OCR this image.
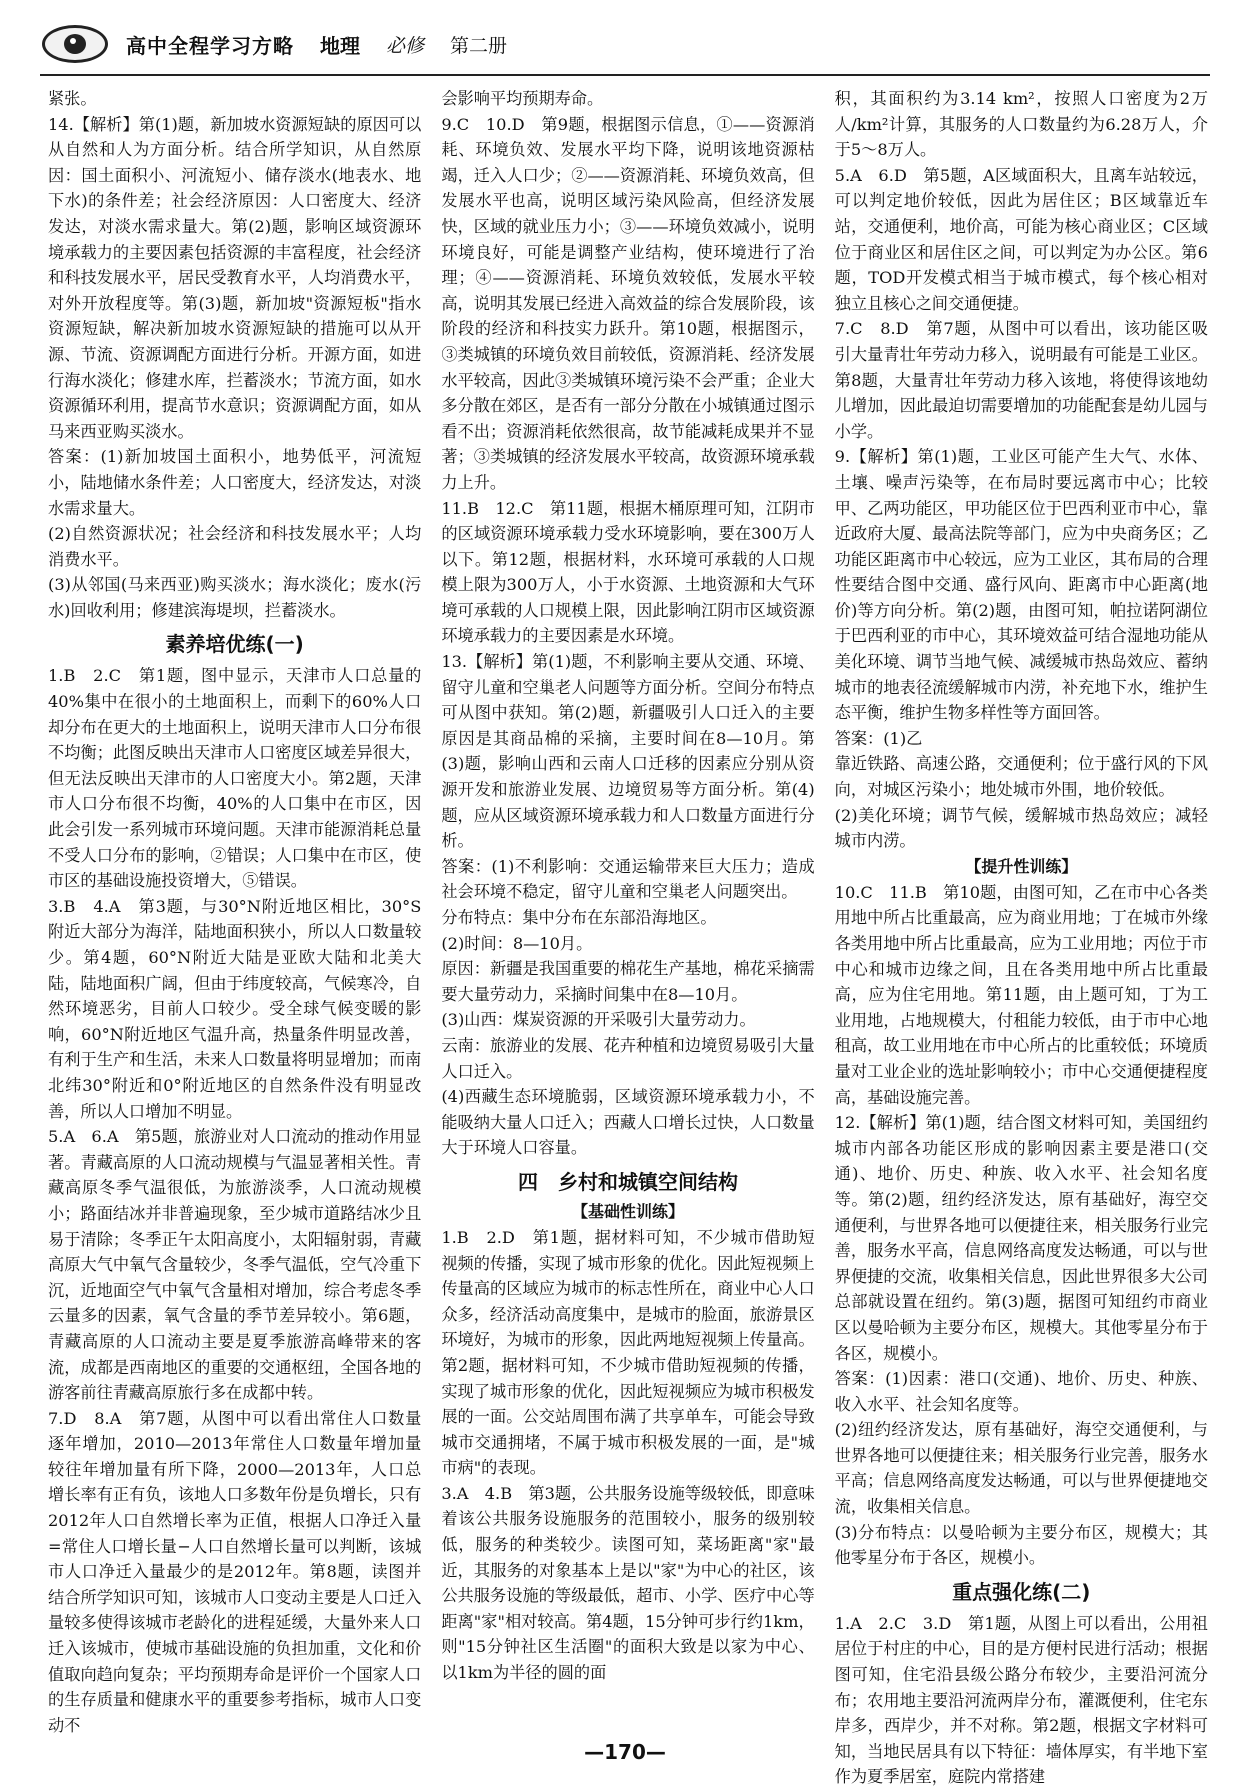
高中全程学习方略 地理 必修 第二册

紧张。

14.【解析】第(1)题，新加坡水资源短缺的原因可以从自然和人为方面分析。结合所学知识，从自然原因：国土面积小、河流短小、储存淡水(地表水、地下水)的条件差；社会经济原因：人口密度大、经济发达，对淡水需求量大。第(2)题，影响区域资源环境承载力的主要因素包括资源的丰富程度，社会经济和科技发展水平，居民受教育水平，人均消费水平，对外开放程度等。第(3)题，新加坡"资源短板"指水资源短缺，解决新加坡水资源短缺的措施可以从开源、节流、资源调配方面进行分析。开源方面，如进行海水淡化；修建水库，拦蓄淡水；节流方面，如水资源循环利用，提高节水意识；资源调配方面，如从马来西亚购买淡水。

答案：(1)新加坡国土面积小，地势低平，河流短小，陆地储水条件差；人口密度大，经济发达，对淡水需求量大。

(2)自然资源状况；社会经济和科技发展水平；人均消费水平。

(3)从邻国(马来西亚)购买淡水；海水淡化；废水(污水)回收利用；修建滨海堤坝，拦蓄淡水。

素养培优练(一)

1.B　2.C　第1题，图中显示，天津市人口总量的40%集中在很小的土地面积上，而剩下的60%人口却分布在更大的土地面积上，说明天津市人口分布很不均衡；此图反映出天津市人口密度区域差异很大，但无法反映出天津市的人口密度大小。第2题，天津市人口分布很不均衡，40%的人口集中在市区，因此会引发一系列城市环境问题。天津市能源消耗总量不受人口分布的影响，②错误；人口集中在市区，使市区的基础设施投资增大，⑤错误。

3.B　4.A　第3题，与30°N附近地区相比，30°S附近大部分为海洋，陆地面积狭小，所以人口数量较少。第4题，60°N附近大陆是亚欧大陆和北美大陆，陆地面积广阔，但由于纬度较高，气候寒冷，自然环境恶劣，目前人口较少。受全球气候变暖的影响，60°N附近地区气温升高，热量条件明显改善，有利于生产和生活，未来人口数量将明显增加；而南北纬30°附近和0°附近地区的自然条件没有明显改善，所以人口增加不明显。

5.A　6.A　第5题，旅游业对人口流动的推动作用显著。青藏高原的人口流动规模与气温显著相关性。青藏高原冬季气温很低，为旅游淡季，人口流动规模小；路面结冰并非普遍现象，至少城市道路结冰少且易于清除；冬季正午太阳高度小，太阳辐射弱，青藏高原大气中氧气含量较少，冬季气温低，空气冷重下沉，近地面空气中氧气含量相对增加，综合考虑冬季云量多的因素，氧气含量的季节差异较小。第6题，青藏高原的人口流动主要是夏季旅游高峰带来的客流，成都是西南地区的重要的交通枢纽，全国各地的游客前往青藏高原旅行多在成都中转。

7.D　8.A　第7题，从图中可以看出常住人口数量逐年增加，2010—2013年常住人口数量年增加量较往年增加量有所下降，2000—2013年，人口总增长率有正有负，该地人口多数年份是负增长，只有2012年人口自然增长率为正值，根据人口净迁入量=常住人口增长量−人口自然增长量可以判断，该城市人口净迁入量最少的是2012年。第8题，读图并结合所学知识可知，该城市人口变动主要是人口迁入量较多使得该城市老龄化的进程延缓，大量外来人口迁入该城市，使城市基础设施的负担加重，文化和价值取向趋向复杂；平均预期寿命是评价一个国家人口的生存质量和健康水平的重要参考指标，城市人口变动不

会影响平均预期寿命。

9.C　10.D　第9题，根据图示信息，①——资源消耗、环境负效、发展水平均下降，说明该地资源枯竭，迁入人口少；②——资源消耗、环境负效高，但发展水平也高，说明区域污染风险高，但经济发展快，区域的就业压力小；③——环境负效减小，说明环境良好，可能是调整产业结构，使环境进行了治理；④——资源消耗、环境负效较低，发展水平较高，说明其发展已经进入高效益的综合发展阶段，该阶段的经济和科技实力跃升。第10题，根据图示，③类城镇的环境负效目前较低，资源消耗、经济发展水平较高，因此③类城镇环境污染不会严重；企业大多分散在郊区，是否有一部分分散在小城镇通过图示看不出；资源消耗依然很高，故节能减耗成果并不显著；③类城镇的经济发展水平较高，故资源环境承载力上升。

11.B　12.C　第11题，根据木桶原理可知，江阴市的区域资源环境承载力受水环境影响，要在300万人以下。第12题，根据材料，水环境可承载的人口规模上限为300万人，小于水资源、土地资源和大气环境可承载的人口规模上限，因此影响江阴市区域资源环境承载力的主要因素是水环境。

13.【解析】第(1)题，不利影响主要从交通、环境、留守儿童和空巢老人问题等方面分析。空间分布特点可从图中获知。第(2)题，新疆吸引人口迁入的主要原因是其商品棉的采摘，主要时间在8—10月。第(3)题，影响山西和云南人口迁移的因素应分别从资源开发和旅游业发展、边境贸易等方面分析。第(4)题，应从区域资源环境承载力和人口数量方面进行分析。

答案：(1)不利影响：交通运输带来巨大压力；造成社会环境不稳定，留守儿童和空巢老人问题突出。

分布特点：集中分布在东部沿海地区。

(2)时间：8—10月。

原因：新疆是我国重要的棉花生产基地，棉花采摘需要大量劳动力，采摘时间集中在8—10月。

(3)山西：煤炭资源的开采吸引大量劳动力。

云南：旅游业的发展、花卉种植和边境贸易吸引大量人口迁入。

(4)西藏生态环境脆弱，区域资源环境承载力小，不能吸纳大量人口迁入；西藏人口增长过快，人口数量大于环境人口容量。

四　乡村和城镇空间结构
【基础性训练】

1.B　2.D　第1题，据材料可知，不少城市借助短视频的传播，实现了城市形象的优化。因此短视频上传量高的区域应为城市的标志性所在，商业中心人口众多，经济活动高度集中，是城市的脸面，旅游景区环境好，为城市的形象，因此两地短视频上传量高。第2题，据材料可知，不少城市借助短视频的传播，实现了城市形象的优化，因此短视频应为城市积极发展的一面。公交站周围布满了共享单车，可能会导致城市交通拥堵，不属于城市积极发展的一面，是"城市病"的表现。

3.A　4.B　第3题，公共服务设施等级较低，即意味着该公共服务设施服务的范围较小，服务的级别较低，服务的种类较少。读图可知，菜场距离"家"最近，其服务的对象基本上是以"家"为中心的社区，该公共服务设施的等级最低，超市、小学、医疗中心等距离"家"相对较高。第4题，15分钟可步行约1km，则"15分钟社区生活圈"的面积大致是以家为中心、以1km为半径的圆的面

积，其面积约为3.14 km²，按照人口密度为2万人/km²计算，其服务的人口数量约为6.28万人，介于5～8万人。

5.A　6.D　第5题，A区域面积大，且离车站较远，可以判定地价较低，因此为居住区；B区域靠近车站，交通便利，地价高，可能为核心商业区；C区域位于商业区和居住区之间，可以判定为办公区。第6题，TOD开发模式相当于城市模式，每个核心相对独立且核心之间交通便捷。

7.C　8.D　第7题，从图中可以看出，该功能区吸引大量青壮年劳动力移入，说明最有可能是工业区。第8题，大量青壮年劳动力移入该地，将使得该地幼儿增加，因此最迫切需要增加的功能配套是幼儿园与小学。

9.【解析】第(1)题，工业区可能产生大气、水体、土壤、噪声污染等，在布局时要远离市中心；比较甲、乙两功能区，甲功能区位于巴西利亚市中心，靠近政府大厦、最高法院等部门，应为中央商务区；乙功能区距离市中心较远，应为工业区，其布局的合理性要结合图中交通、盛行风向、距离市中心距离(地价)等方向分析。第(2)题，由图可知，帕拉诺阿湖位于巴西利亚的市中心，其环境效益可结合湿地功能从美化环境、调节当地气候、减缓城市热岛效应、蓄纳城市的地表径流缓解城市内涝，补充地下水，维护生态平衡，维护生物多样性等方面回答。

答案：(1)乙

靠近铁路、高速公路，交通便利；位于盛行风的下风向，对城区污染小；地处城市外围，地价较低。

(2)美化环境；调节气候，缓解城市热岛效应；减轻城市内涝。

【提升性训练】

10.C　11.B　第10题，由图可知，乙在市中心各类用地中所占比重最高，应为商业用地；丁在城市外缘各类用地中所占比重最高，应为工业用地；丙位于市中心和城市边缘之间，且在各类用地中所占比重最高，应为住宅用地。第11题，由上题可知，丁为工业用地，占地规模大，付租能力较低，由于市中心地租高，故工业用地在市中心所占的比重较低；环境质量对工业企业的选址影响较小；市中心交通便捷程度高，基础设施完善。

12.【解析】第(1)题，结合图文材料可知，美国纽约城市内部各功能区形成的影响因素主要是港口(交通)、地价、历史、种族、收入水平、社会知名度等。第(2)题，纽约经济发达，原有基础好，海空交通便利，与世界各地可以便捷往来，相关服务行业完善，服务水平高，信息网络高度发达畅通，可以与世界便捷的交流，收集相关信息，因此世界很多大公司总部就设置在纽约。第(3)题，据图可知纽约市商业区以曼哈顿为主要分布区，规模大。其他零星分布于各区，规模小。

答案：(1)因素：港口(交通)、地价、历史、种族、收入水平、社会知名度等。

(2)纽约经济发达，原有基础好，海空交通便利，与世界各地可以便捷往来；相关服务行业完善，服务水平高；信息网络高度发达畅通，可以与世界便捷地交流，收集相关信息。

(3)分布特点：以曼哈顿为主要分布区，规模大；其他零星分布于各区，规模小。

重点强化练(二)

1.A　2.C　3.D　第1题，从图上可以看出，公用祖居位于村庄的中心，目的是方便村民进行活动；根据图可知，住宅沿县级公路分布较少，主要沿河流分布；农用地主要沿河流两岸分布，灌溉便利，住宅东岸多，西岸少，并不对称。第2题，根据文字材料可知，当地民居具有以下特征：墙体厚实，有半地下室作为夏季居室，庭院内常搭建

—170—
